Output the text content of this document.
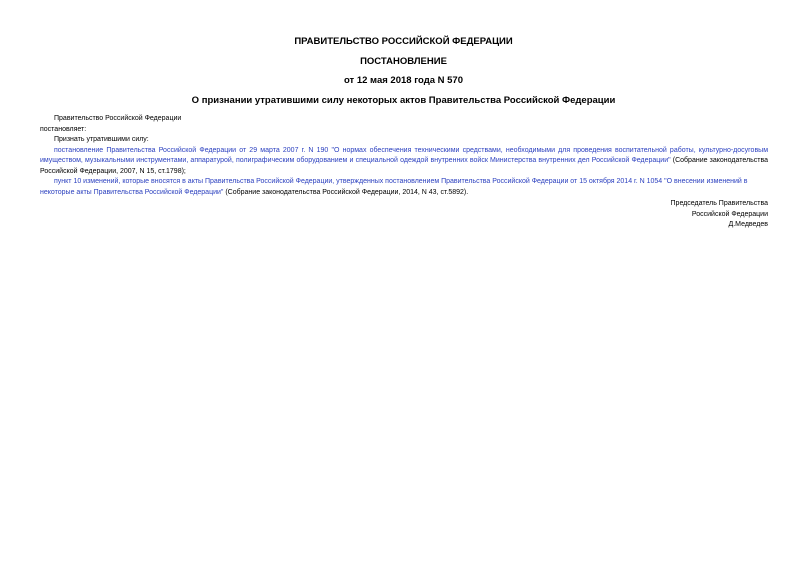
ПРАВИТЕЛЬСТВО РОССИЙСКОЙ ФЕДЕРАЦИИ
ПОСТАНОВЛЕНИЕ
от 12 мая 2018 года N 570
О признании утратившими силу некоторых актов Правительства Российской Федерации
Правительство Российской Федерации
постановляет:
Признать утратившими силу:
постановление Правительства Российской Федерации от 29 марта 2007 г. N 190 "О нормах обеспечения техническими средствами, необходимыми для проведения воспитательной работы, культурно-досуговым имуществом, музыкальными инструментами, аппаратурой, полиграфическим оборудованием и специальной одеждой внутренних войск Министерства внутренних дел Российской Федерации" (Собрание законодательства Российской Федерации, 2007, N 15, ст.1798);
пункт 10 изменений, которые вносятся в акты Правительства Российской Федерации, утвержденных постановлением Правительства Российской Федерации от 15 октября 2014 г. N 1054 "О внесении изменений в некоторые акты Правительства Российской Федерации" (Собрание законодательства Российской Федерации, 2014, N 43, ст.5892).
Председатель Правительства
Российской Федерации
Д.Медведев
